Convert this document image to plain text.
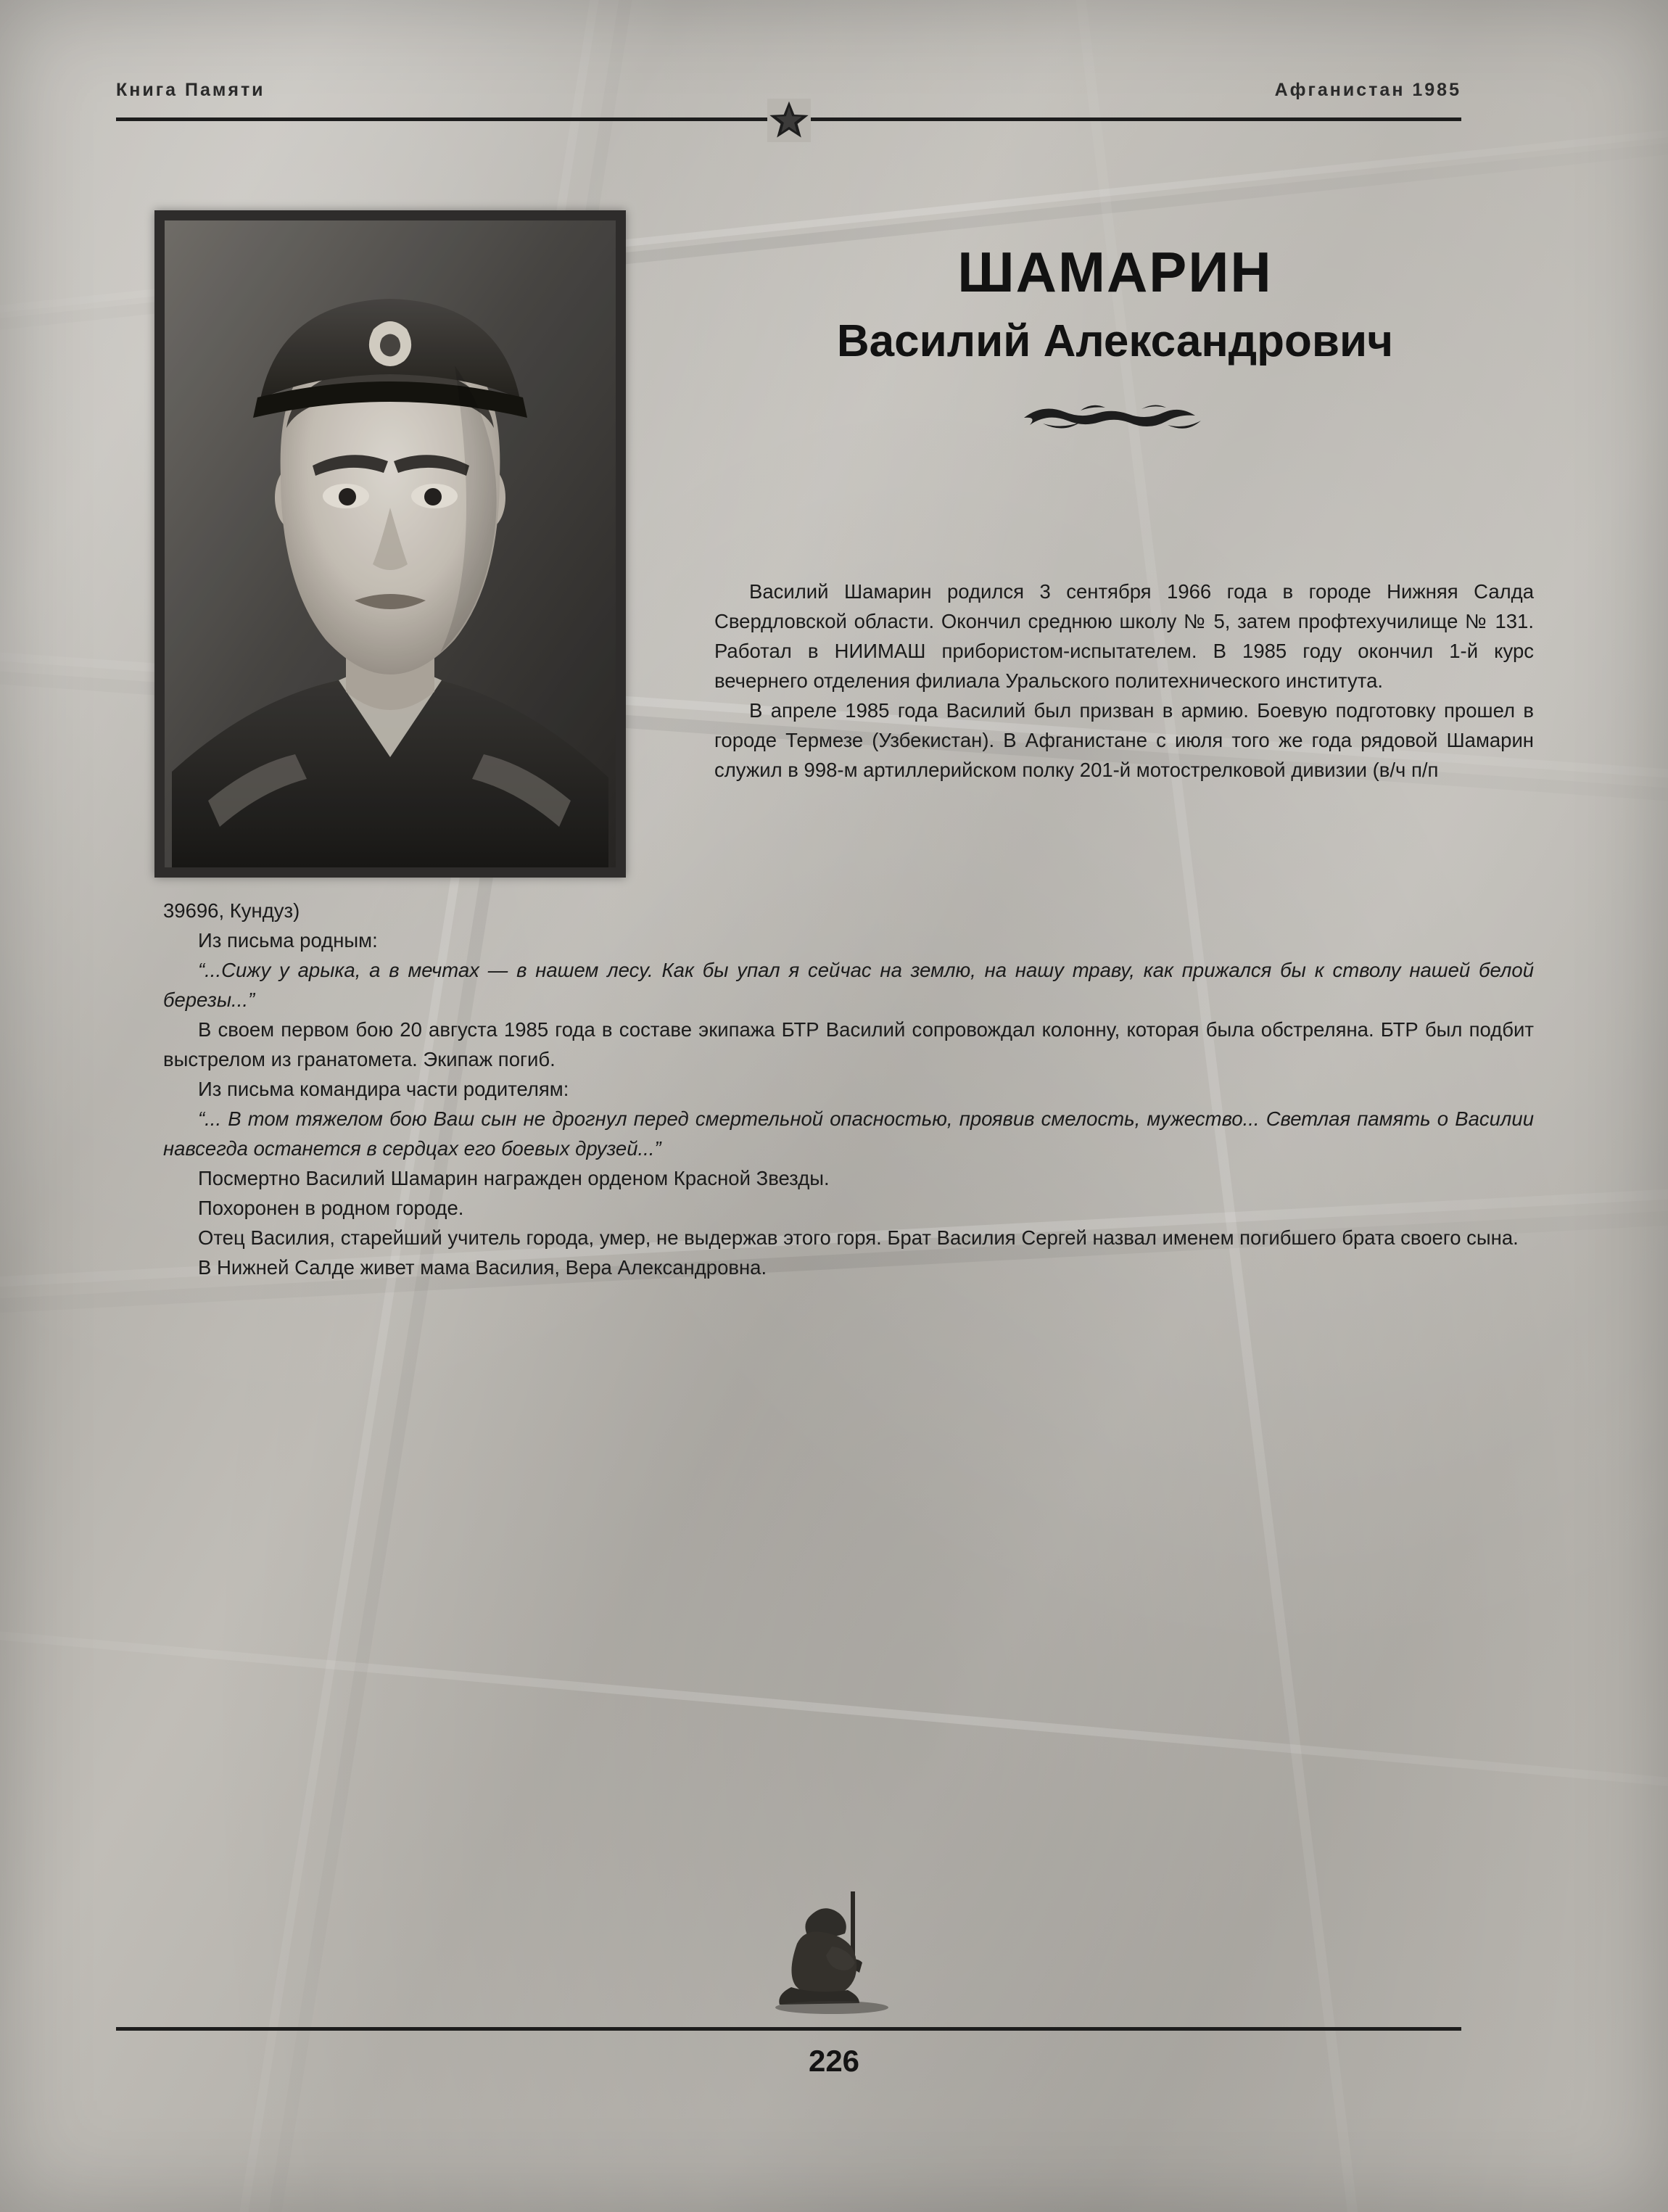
Книга Памяти	Афганистан 1985
ШАМАРИН
Василий Александрович

Василий Шамарин родился 3 сентября 1966 года в городе Нижняя Салда Свердловской области. Окончил среднюю школу № 5, затем профтехучилище № 131. Работал в НИИМАШ прибористом-испытателем. В 1985 году окончил 1-й курс вечернего отделения филиала Уральского политехнического института.

В апреле 1985 года Василий был призван в армию. Боевую подготовку прошел в городе Термезе (Узбекистан). В Афганистане с июля того же года рядовой Шамарин служил в 998-м артиллерийском полку 201-й мотострелковой дивизии (в/ч п/п

39696, Кундуз)

Из письма родным:

“...Сижу у арыка, а в мечтах — в нашем лесу. Как бы упал я сейчас на землю, на нашу траву, как прижался бы к стволу нашей белой березы...”

В своем первом бою 20 августа 1985 года в составе экипажа БТР Василий сопровождал колонну, которая была обстреляна. БТР был подбит выстрелом из гранатомета. Экипаж погиб.

Из письма командира части родителям:

“... В том тяжелом бою Ваш сын не дрогнул перед смертельной опасностью, проявив смелость, мужество... Светлая память о Василии навсегда останется в сердцах его боевых друзей...”

Посмертно Василий Шамарин награжден орденом Красной Звезды.

Похоронен в родном городе.

Отец Василия, старейший учитель города, умер, не выдержав этого горя. Брат Василия Сергей назвал именем погибшего брата своего сына.

В Нижней Салде живет мама Василия, Вера Александровна.

226
